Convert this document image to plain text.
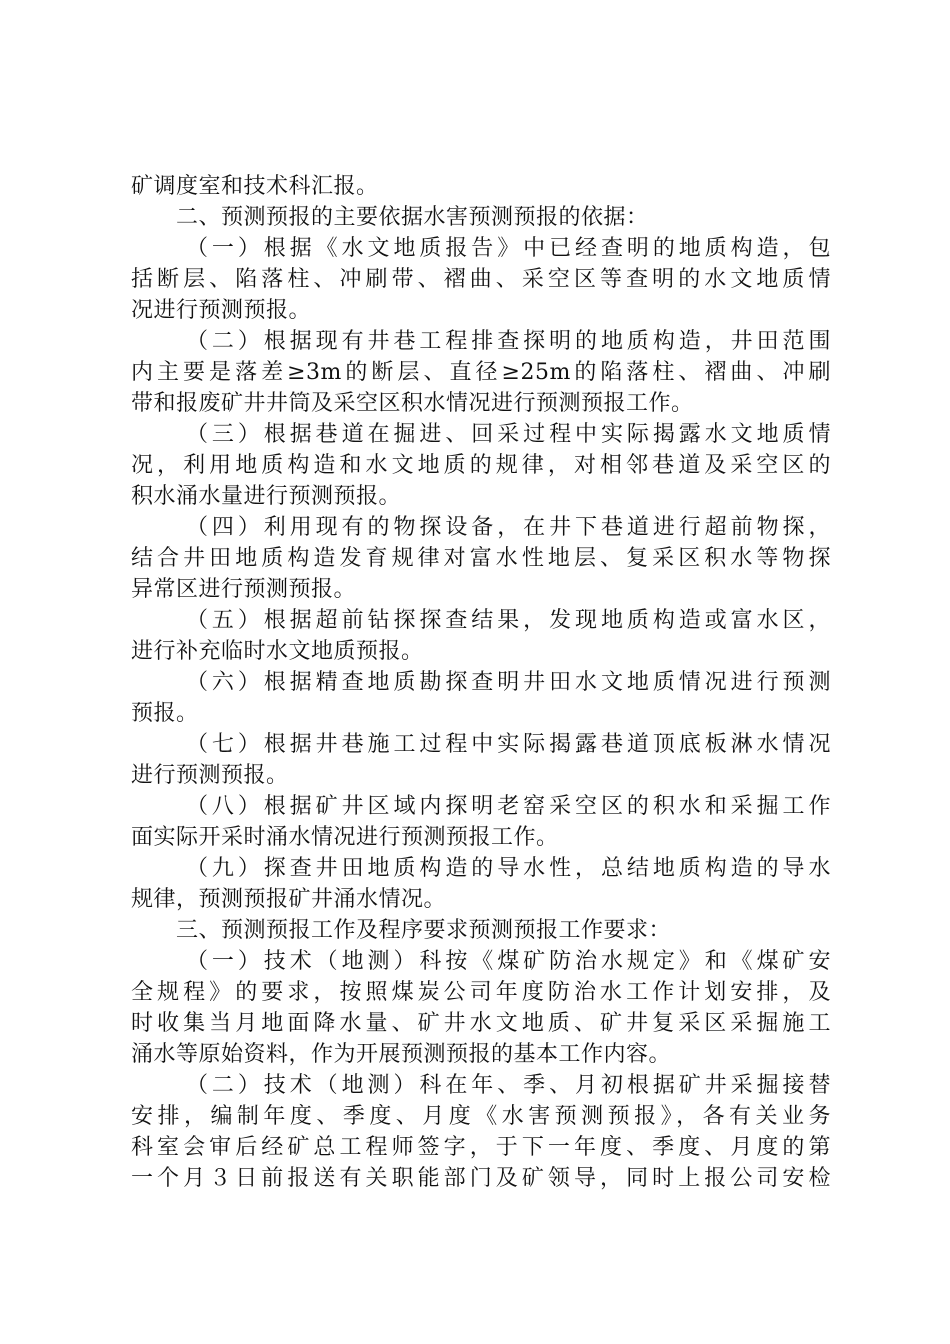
矿调度室和技术科汇报。
二、预测预报的主要依据水害预测预报的依据：
（一）根据《水文地质报告》中已经查明的地质构造，包
括断层、陷落柱、冲刷带、褶曲、采空区等查明的水文地质情
况进行预测预报。
（二）根据现有井巷工程排查探明的地质构造，井田范围
内主要是落差≥3m的断层、直径≥25m的陷落柱、褶曲、冲刷
带和报废矿井井筒及采空区积水情况进行预测预报工作。
（三）根据巷道在掘进、回采过程中实际揭露水文地质情
况，利用地质构造和水文地质的规律，对相邻巷道及采空区的
积水涌水量进行预测预报。
（四）利用现有的物探设备，在井下巷道进行超前物探，
结合井田地质构造发育规律对富水性地层、复采区积水等物探
异常区进行预测预报。
（五）根据超前钻探探查结果，发现地质构造或富水区，
进行补充临时水文地质预报。
（六）根据精查地质勘探查明井田水文地质情况进行预测
预报。
（七）根据井巷施工过程中实际揭露巷道顶底板淋水情况
进行预测预报。
（八）根据矿井区域内探明老窑采空区的积水和采掘工作
面实际开采时涌水情况进行预测预报工作。
（九）探查井田地质构造的导水性，总结地质构造的导水
规律，预测预报矿井涌水情况。
三、预测预报工作及程序要求预测预报工作要求：
（一）技术（地测）科按《煤矿防治水规定》和《煤矿安
全规程》的要求，按照煤炭公司年度防治水工作计划安排，及
时收集当月地面降水量、矿井水文地质、矿井复采区采掘施工
涌水等原始资料，作为开展预测预报的基本工作内容。
（二）技术（地测）科在年、季、月初根据矿井采掘接替
安排，编制年度、季度、月度《水害预测预报》，各有关业务
科室会审后经矿总工程师签字，于下一年度、季度、月度的第
一个月３日前报送有关职能部门及矿领导，同时上报公司安检
